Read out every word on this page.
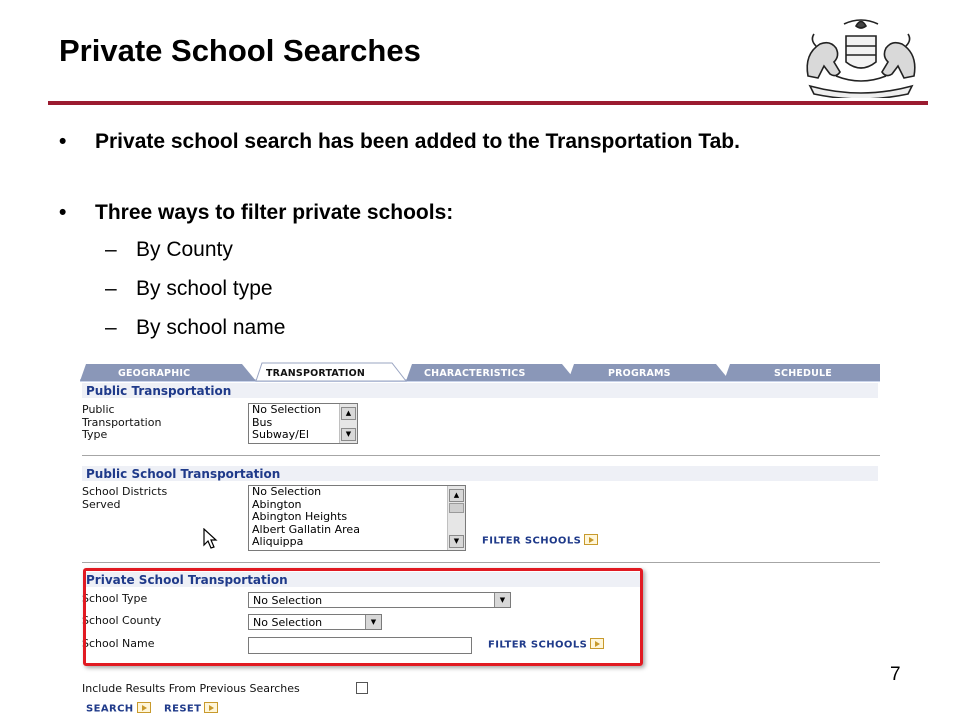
Private School Searches
• Private school search has been added to the Transportation Tab.
• Three ways to filter private schools:
– By County
– By school type
– By school name
7
GEOGRAPHIC	TRANSPORTATION	CHARACTERISTICS	PROGRAMS	SCHEDULE
Public Transportation
Public Transportation Type
No Selection
Bus
Subway/El
▲
▼
Public School Transportation
School Districts Served
No Selection
Abington
Abington Heights
Albert Gallatin Area
Aliquippa
▲
▼	FILTER SCHOOLS
Private School Transportation
School Type	No Selection	▼
School County	No Selection	▼
School Name	FILTER SCHOOLS
Include Results From Previous Searches
SEARCH	RESET
